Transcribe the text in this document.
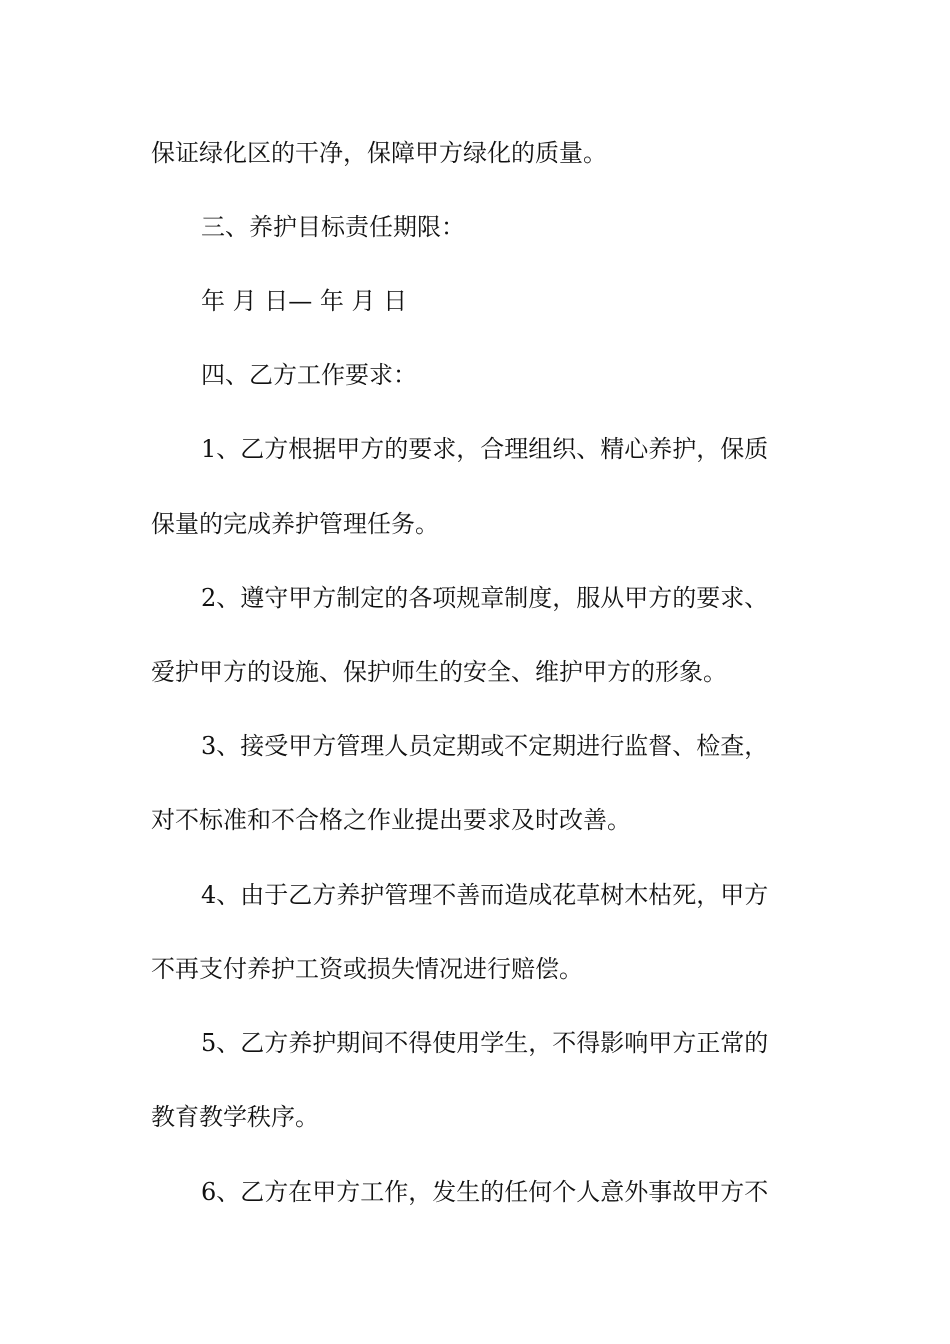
保证绿化区的干净，保障甲方绿化的质量。
三、养护目标责任期限：
年 月 日— 年 月 日
四、乙方工作要求：
1、乙方根据甲方的要求，合理组织、精心养护，保质
保量的完成养护管理任务。
2、遵守甲方制定的各项规章制度，服从甲方的要求、
爱护甲方的设施、保护师生的安全、维护甲方的形象。
3、接受甲方管理人员定期或不定期进行监督、检查，
对不标准和不合格之作业提出要求及时改善。
4、由于乙方养护管理不善而造成花草树木枯死，甲方
不再支付养护工资或损失情况进行赔偿。
5、乙方养护期间不得使用学生，不得影响甲方正常的
教育教学秩序。
6、乙方在甲方工作，发生的任何个人意外事故甲方不
